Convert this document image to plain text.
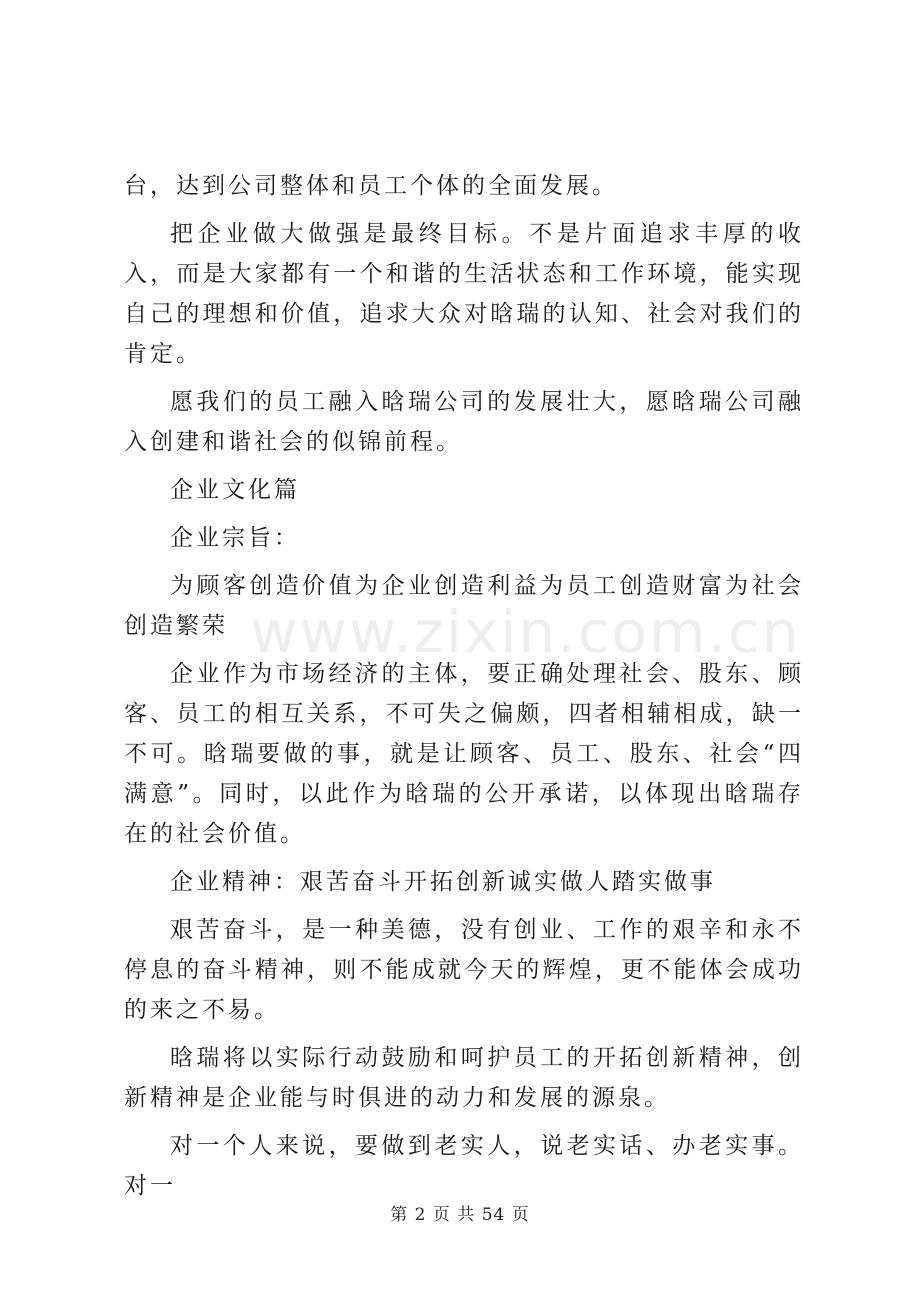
台，达到公司整体和员工个体的全面发展。

把企业做大做强是最终目标。不是片面追求丰厚的收入，而是大家都有一个和谐的生活状态和工作环境，能实现自己的理想和价值，追求大众对晗瑞的认知、社会对我们的肯定。

愿我们的员工融入晗瑞公司的发展壮大，愿晗瑞公司融入创建和谐社会的似锦前程。

企业文化篇

企业宗旨：

为顾客创造价值为企业创造利益为员工创造财富为社会创造繁荣

企业作为市场经济的主体，要正确处理社会、股东、顾客、员工的相互关系，不可失之偏颇，四者相辅相成，缺一不可。晗瑞要做的事，就是让顾客、员工、股东、社会“四满意”。同时，以此作为晗瑞的公开承诺，以体现出晗瑞存在的社会价值。

企业精神：艰苦奋斗开拓创新诚实做人踏实做事

艰苦奋斗，是一种美德，没有创业、工作的艰辛和永不停息的奋斗精神，则不能成就今天的辉煌，更不能体会成功的来之不易。

晗瑞将以实际行动鼓励和呵护员工的开拓创新精神，创新精神是企业能与时俱进的动力和发展的源泉。

对一个人来说，要做到老实人，说老实话、办老实事。对一

www.zixin.com.cn
第 2 页 共 54 页
